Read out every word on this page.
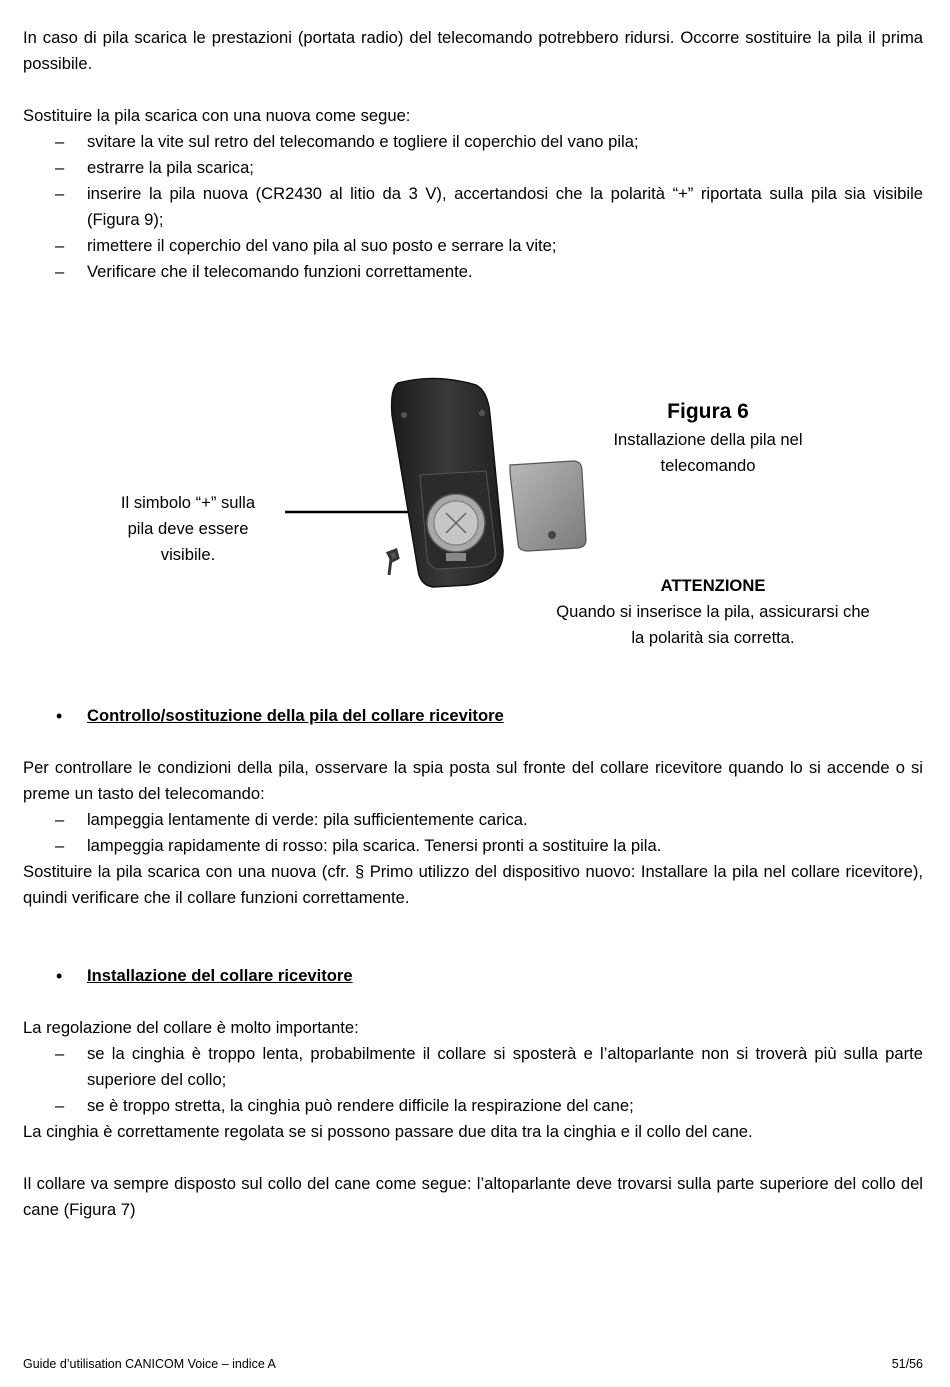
In caso di pila scarica le prestazioni (portata radio) del telecomando potrebbero ridursi. Occorre sostituire la pila il prima possibile.

Sostituire la pila scarica con una nuova come segue:

– svitare la vite sul retro del telecomando e togliere il coperchio del vano pila;
– estrarre la pila scarica;
– inserire la pila nuova (CR2430 al litio da 3 V), accertandosi che la polarità “+” riportata sulla pila sia visibile (Figura 9);
– rimettere il coperchio del vano pila al suo posto e serrare la vite;
– Verificare che il telecomando funzioni correttamente.
Il simbolo “+” sulla pila deve essere visibile.
Figura 6
Installazione della pila nel telecomando
ATTENZIONE
Quando si inserisce la pila, assicurarsi che la polarità sia corretta.
• Controllo/sostituzione della pila del collare ricevitore

Per controllare le condizioni della pila, osservare la spia posta sul fronte del collare ricevitore quando lo si accende o si preme un tasto del telecomando:

– lampeggia lentamente di verde: pila sufficientemente carica.
– lampeggia rapidamente di rosso: pila scarica. Tenersi pronti a sostituire la pila.

Sostituire la pila scarica con una nuova (cfr. § Primo utilizzo del dispositivo nuovo: Installare la pila nel collare ricevitore), quindi verificare che il collare funzioni correttamente.

• Installazione del collare ricevitore

La regolazione del collare è molto importante:

– se la cinghia è troppo lenta, probabilmente il collare si sposterà e l’altoparlante non si troverà più sulla parte superiore del collo;
– se è troppo stretta, la cinghia può rendere difficile la respirazione del cane;

La cinghia è correttamente regolata se si possono passare due dita tra la cinghia e il collo del cane.

Il collare va sempre disposto sul collo del cane come segue: l’altoparlante deve trovarsi sulla parte superiore del collo del cane (Figura 7)

Guide d’utilisation CANICOM Voice – indice A	51/56
